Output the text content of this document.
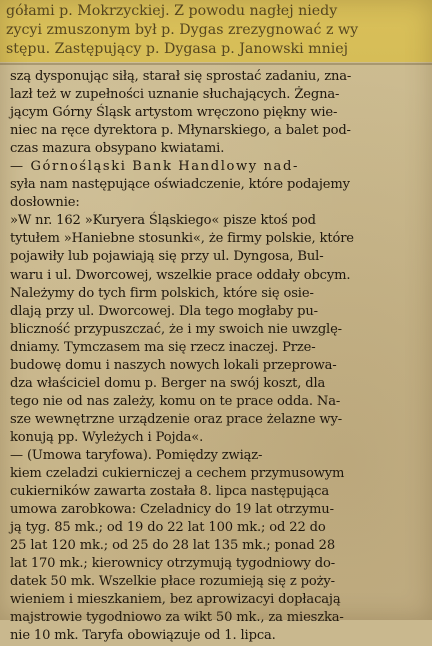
gółami p. Mokrzyckiej. Z powodu nagłej niedy
zycyi zmuszonym był p. Dygas zrezygnować z wy
stępu. Zastępujący p. Dygasa p. Janowski mniej
szą dysponując siłą, starał się sprostać zadaniu, zna-
lazł też w zupełności uznanie słuchających. Żegna-
jącym Górny Śląsk artystom wręczono piękny wie-
niec na ręce dyrektora p. Młynarskiego, a balet pod-
czas mazura obsypano kwiatami.
— Górnośląski Bank Handlowy nad-
syła nam następujące oświadczenie, które podajemy
dosłownie:
»W nr. 162 »Kuryera Śląskiego« pisze ktoś pod
tytułem »Haniebne stosunki«, że firmy polskie, które
pojawiły lub pojawiają się przy ul. Dyngosa, Bul-
waru i ul. Dworcowej, wszelkie prace oddały obcym.
Należymy do tych firm polskich, które się osie-
dlają przy ul. Dworcowej. Dla tego mogłaby pu-
bliczność przypuszczać, że i my swoich nie uwzglę-
dniamy. Tymczasem ma się rzecz inaczej. Prze-
budowę domu i naszych nowych lokali przeprowa-
dza właściciel domu p. Berger na swój koszt, dla
tego nie od nas zależy, komu on te prace odda. Na-
sze wewnętrzne urządzenie oraz prace żelazne wy-
konują pp. Wyleżych i Pojda«.
— (Umowa taryfowa). Pomiędzy związ-
kiem czeladzi cukierniczej a cechem przymusowym
cukierników zawarta została 8. lipca następująca
umowa zarobkowa: Czeladnicy do 19 lat otrzymu-
ją tyg. 85 mk.; od 19 do 22 lat 100 mk.; od 22 do
25 lat 120 mk.; od 25 do 28 lat 135 mk.; ponad 28
lat 170 mk.; kierownicy otrzymują tygodniowy do-
datek 50 mk. Wszelkie płace rozumieją się z poży-
wieniem i mieszkaniem, bez aprowizacyi dopłacają
majstrowie tygodniowo za wikt 50 mk., za mieszka-
nie 10 mk. Taryfa obowiązuje od 1. lipca.
